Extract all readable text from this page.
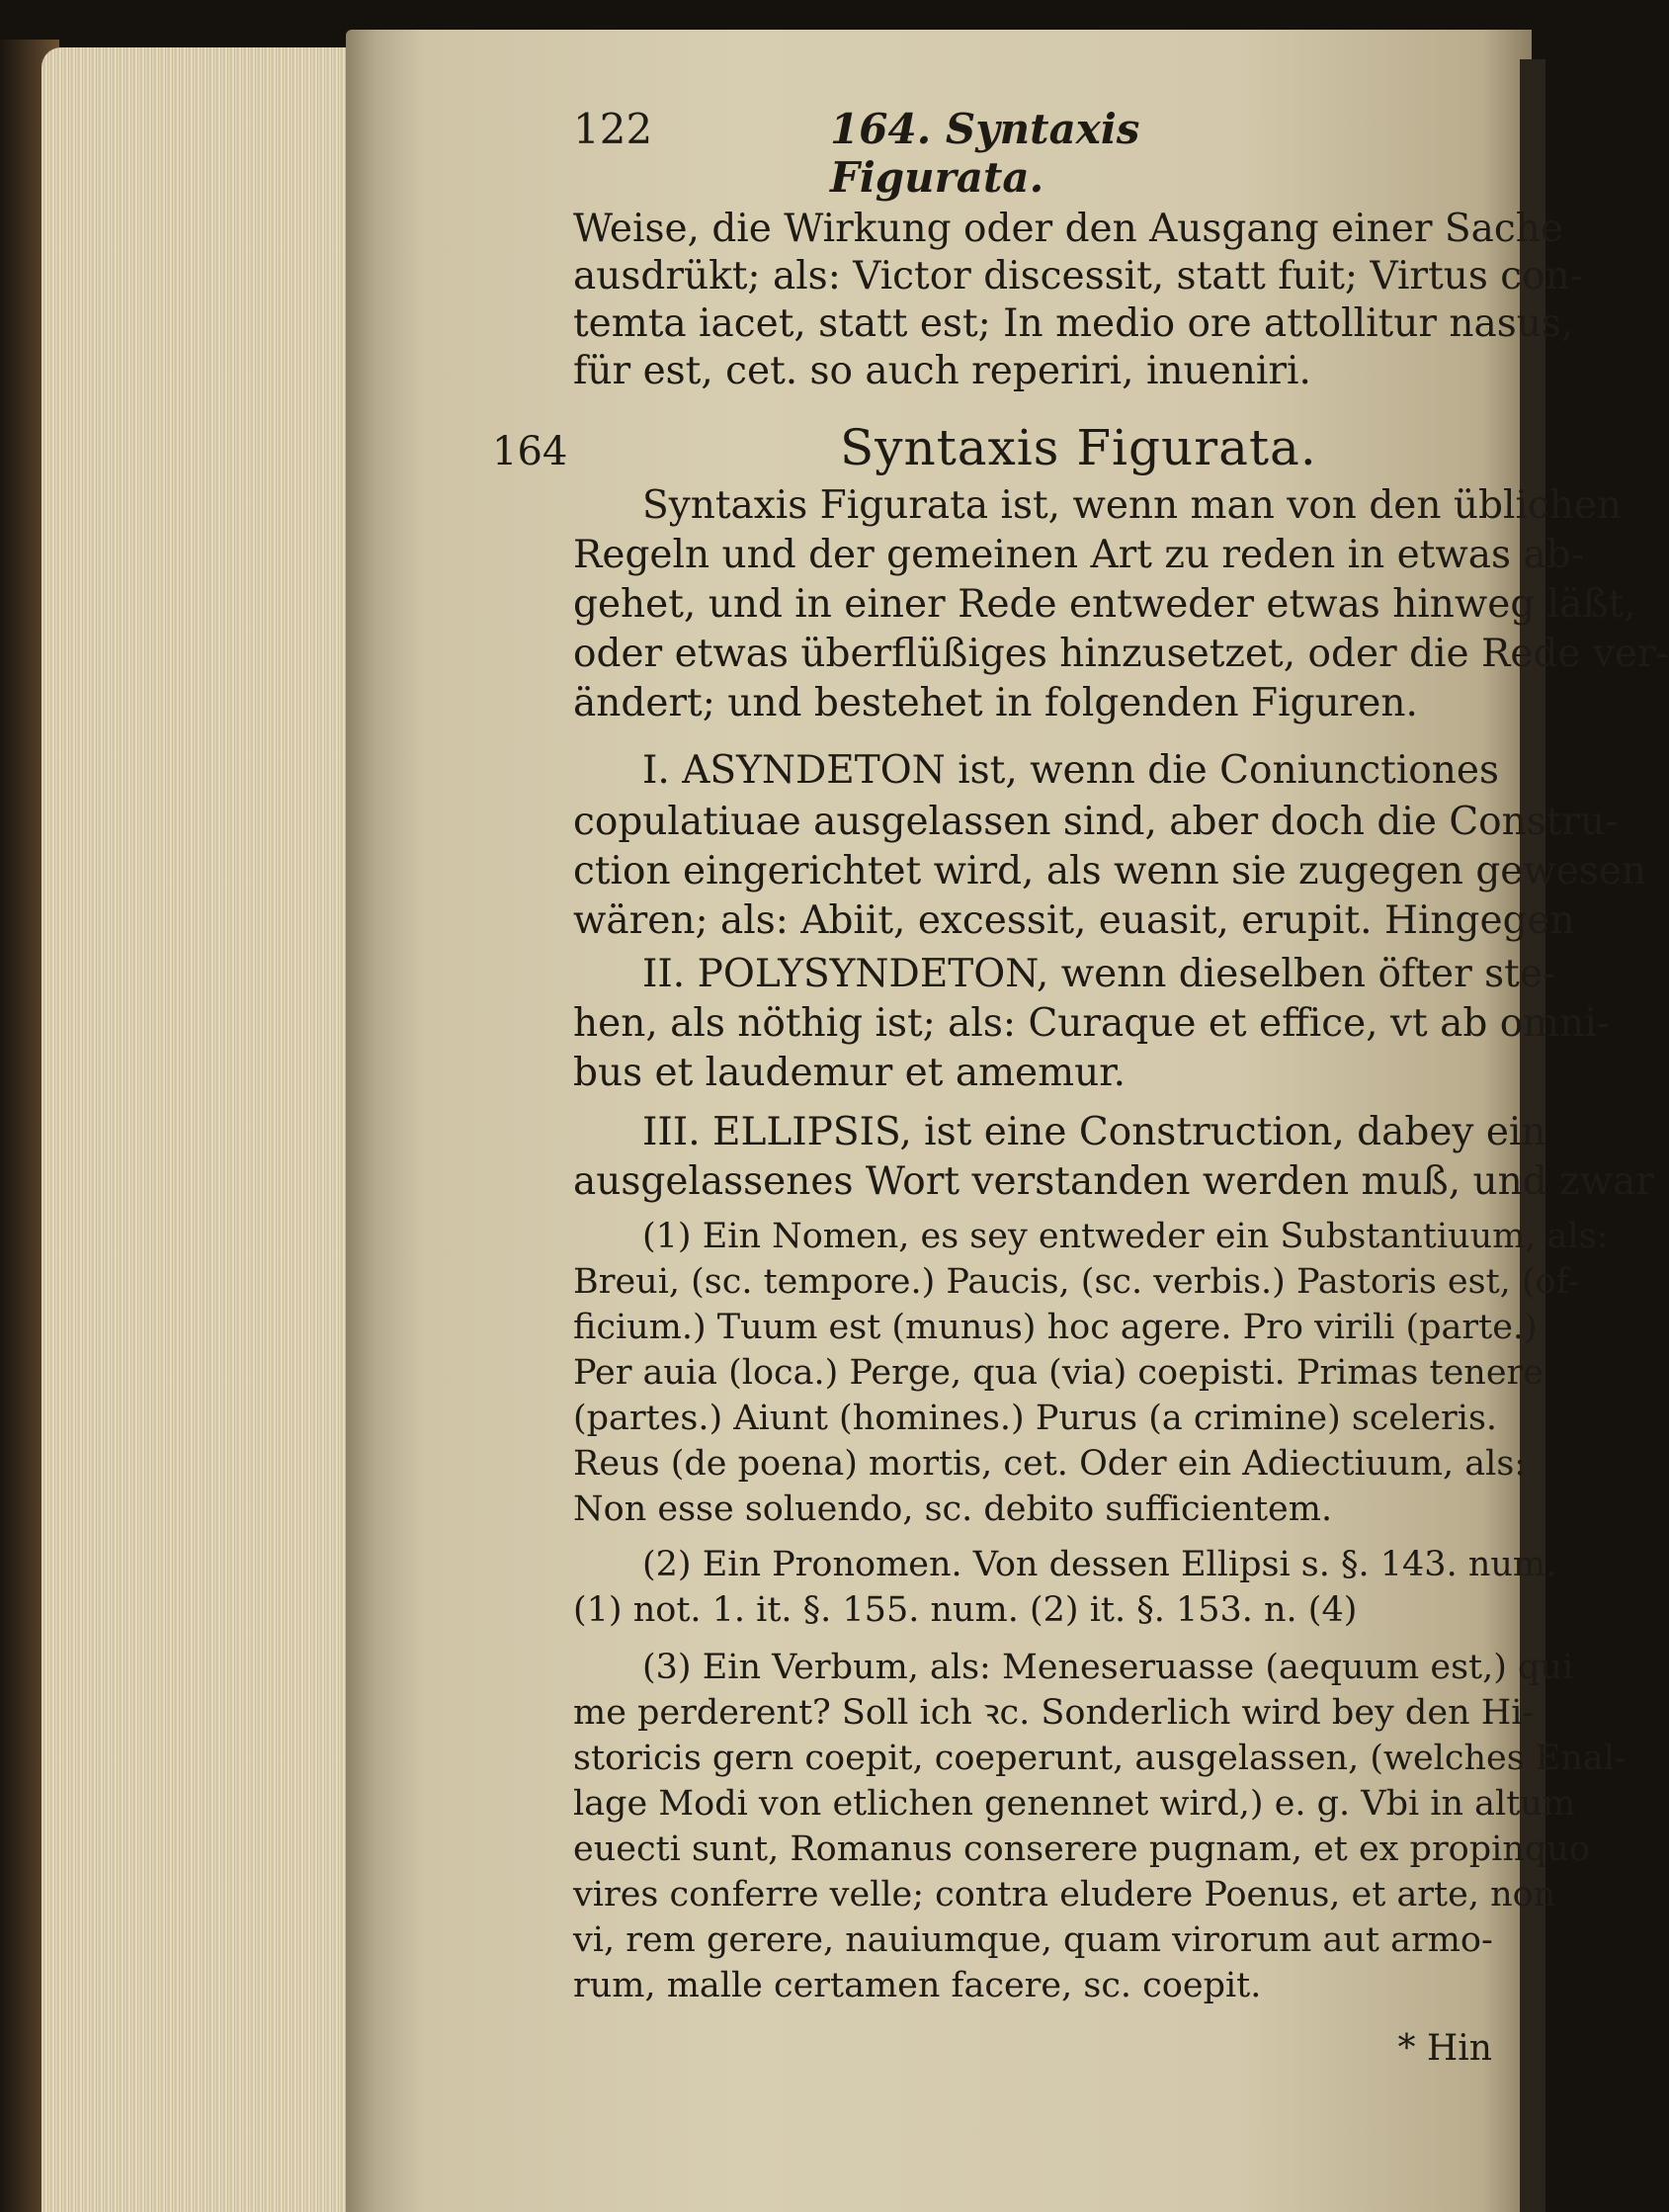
122	164. Syntaxis Figurata.
Weise, die Wirkung oder den Ausgang einer Sache
ausdrükt; als: Victor discessit, statt fuit; Virtus con-
temta iacet, statt est; In medio ore attollitur nasus,
für est, cet. so auch reperiri, inueniri.
164	Syntaxis Figurata.
Syntaxis Figurata ist, wenn man von den üblichen
Regeln und der gemeinen Art zu reden in etwas ab-
gehet, und in einer Rede entweder etwas hinweg läßt,
oder etwas überflüßiges hinzusetzet, oder die Rede ver-
ändert; und bestehet in folgenden Figuren.
I. ASYNDETON ist, wenn die Coniunctiones
copulatiuae ausgelassen sind, aber doch die Constru-
ction eingerichtet wird, als wenn sie zugegen gewesen
wären; als: Abiit, excessit, euasit, erupit. Hingegen
II. POLYSYNDETON, wenn dieselben öfter ste-
hen, als nöthig ist; als: Curaque et effice, vt ab omni-
bus et laudemur et amemur.
III. ELLIPSIS, ist eine Construction, dabey ein
ausgelassenes Wort verstanden werden muß, und zwar
(1) Ein Nomen, es sey entweder ein Substantiuum, als:
Breui, (sc. tempore.) Paucis, (sc. verbis.) Pastoris est, (of-
ficium.) Tuum est (munus) hoc agere. Pro virili (parte.)
Per auia (loca.) Perge, qua (via) coepisti. Primas tenere
(partes.) Aiunt (homines.) Purus (a crimine) sceleris.
Reus (de poena) mortis, cet. Oder ein Adiectiuum, als:
Non esse soluendo, sc. debito sufficientem.
(2) Ein Pronomen. Von dessen Ellipsi s. §. 143. num.
(1) not. 1. it. §. 155. num. (2) it. §. 153. n. (4)
(3) Ein Verbum, als: Meneseruasse (aequum est,) qui
me perderent? Soll ich ꝛc. Sonderlich wird bey den Hi-
storicis gern coepit, coeperunt, ausgelassen, (welches Enal-
lage Modi von etlichen genennet wird,) e. g. Vbi in altum
euecti sunt, Romanus conserere pugnam, et ex propinquo
vires conferre velle; contra eludere Poenus, et arte, non
vi, rem gerere, nauiumque, quam virorum aut armo-
rum, malle certamen facere, sc. coepit.
* Hin
